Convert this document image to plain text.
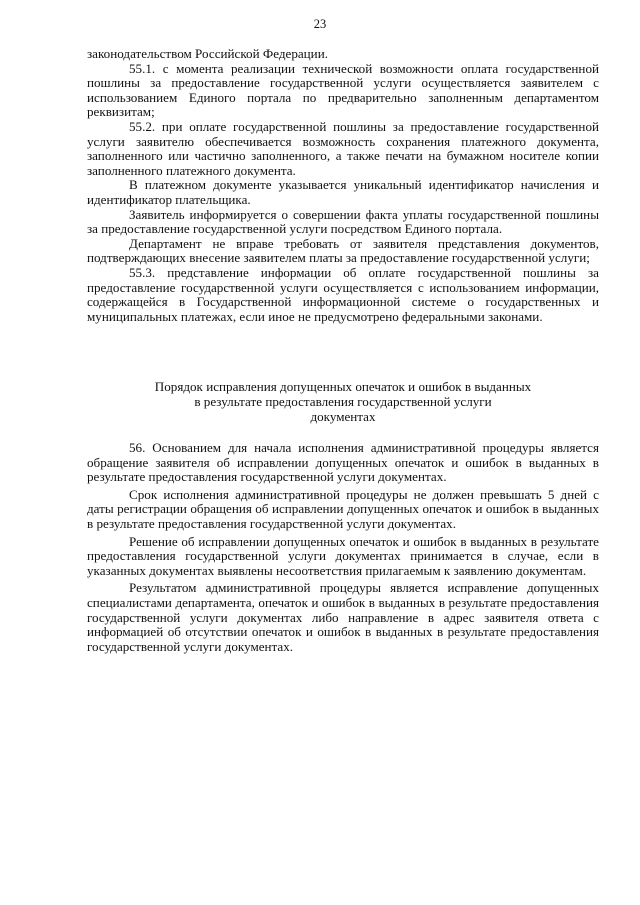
23

законодательством Российской Федерации.

55.1. с момента реализации технической возможности оплата государственной пошлины за предоставление государственной услуги осуществляется заявителем с использованием Единого портала по предварительно заполненным департаментом реквизитам;

55.2. при оплате государственной пошлины за предоставление государственной услуги заявителю обеспечивается возможность сохранения платежного документа, заполненного или частично заполненного, а также печати на бумажном носителе копии заполненного платежного документа.

В платежном документе указывается уникальный идентификатор начисления и идентификатор плательщика.

Заявитель информируется о совершении факта уплаты государственной пошлины за предоставление государственной услуги посредством Единого портала.

Департамент не вправе требовать от заявителя представления документов, подтверждающих внесение заявителем платы за предоставление государственной услуги;

55.3. представление информации об оплате государственной пошлины за предоставление государственной услуги осуществляется с использованием информации, содержащейся в Государственной информационной системе о государственных и муниципальных платежах, если иное не предусмотрено федеральными законами.

Порядок исправления допущенных опечаток и ошибок в выданных
в результате предоставления государственной услуги
документах

56. Основанием для начала исполнения административной процедуры является обращение заявителя об исправлении допущенных опечаток и ошибок в выданных в результате предоставления государственной услуги документах.

Срок исполнения административной процедуры не должен превышать 5 дней с даты регистрации обращения об исправлении допущенных опечаток и ошибок в выданных в результате предоставления государственной услуги документах.

Решение об исправлении допущенных опечаток и ошибок в выданных в результате предоставления государственной услуги документах принимается в случае, если в указанных документах выявлены несоответствия прилагаемым к заявлению документам.

Результатом административной процедуры является исправление допущенных специалистами департамента, опечаток и ошибок в выданных в результате предоставления государственной услуги документах либо направление в адрес заявителя ответа с информацией об отсутствии опечаток и ошибок в выданных в результате предоставления государственной услуги документах.
